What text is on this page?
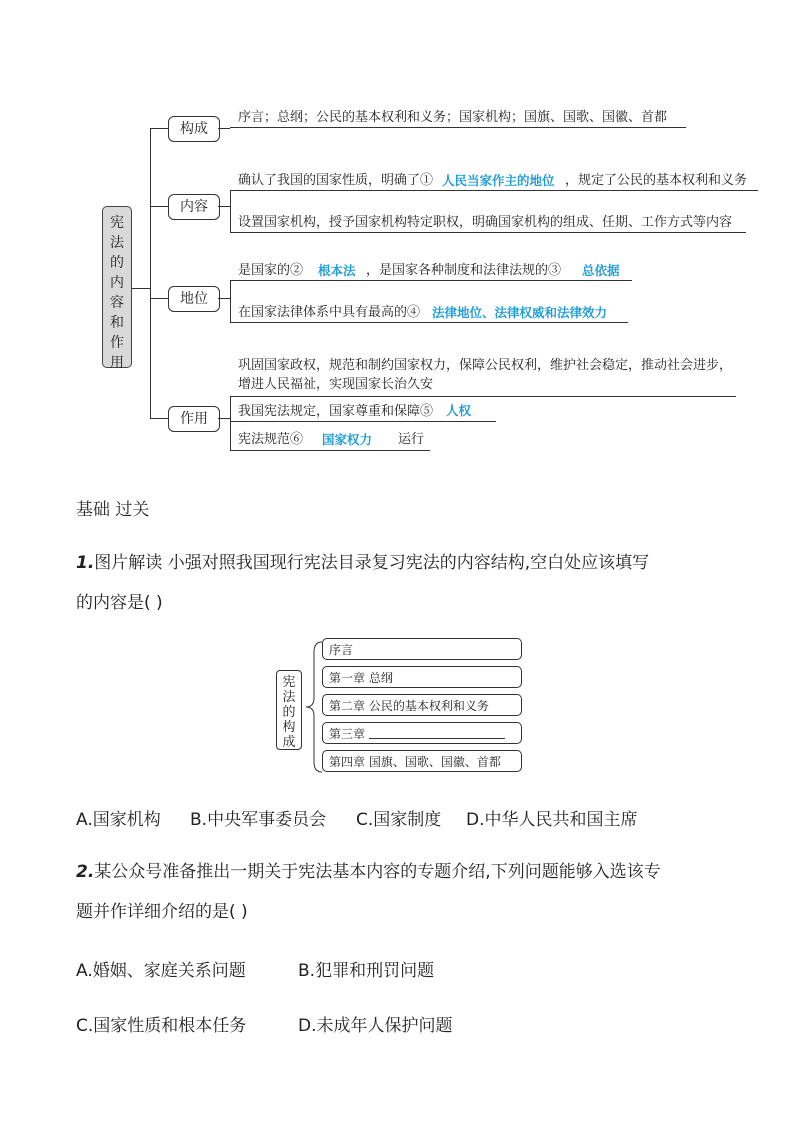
宪
法
的
内
容
和
作
用
构成
序言；总纲；公民的基本权利和义务；国家机构；国旗、国歌、国徽、首都
内容
确认了我国的国家性质，明确了① 人民当家作主的地位 ，规定了公民的基本权利和义务
设置国家机构，授予国家机构特定职权，明确国家机构的组成、任期、工作方式等内容
地位
是国家的② 根本法 ，是国家各种制度和法律法规的③ 总依据
在国家法律体系中具有最高的④ 法律地位、法律权威和法律效力
作用
巩固国家政权，规范和制约国家权力，保障公民权利，维护社会稳定，推动社会进步，
增进人民福祉，实现国家长治久安
我国宪法规定，国家尊重和保障⑤ 人权
宪法规范⑥ 国家权力 运行
基础 过关
1.图片解读 小强对照我国现行宪法目录复习宪法的内容结构,空白处应该填写
的内容是( )
宪
法
的
构
成
序言
第一章 总纲
第二章 公民的基本权利和义务
第三章
第四章 国旗、国歌、国徽、首都
A.国家机构 B.中央军事委员会 C.国家制度 D.中华人民共和国主席
2.某公众号准备推出一期关于宪法基本内容的专题介绍,下列问题能够入选该专
题并作详细介绍的是( )
A.婚姻、家庭关系问题	B.犯罪和刑罚问题
C.国家性质和根本任务	D.未成年人保护问题
